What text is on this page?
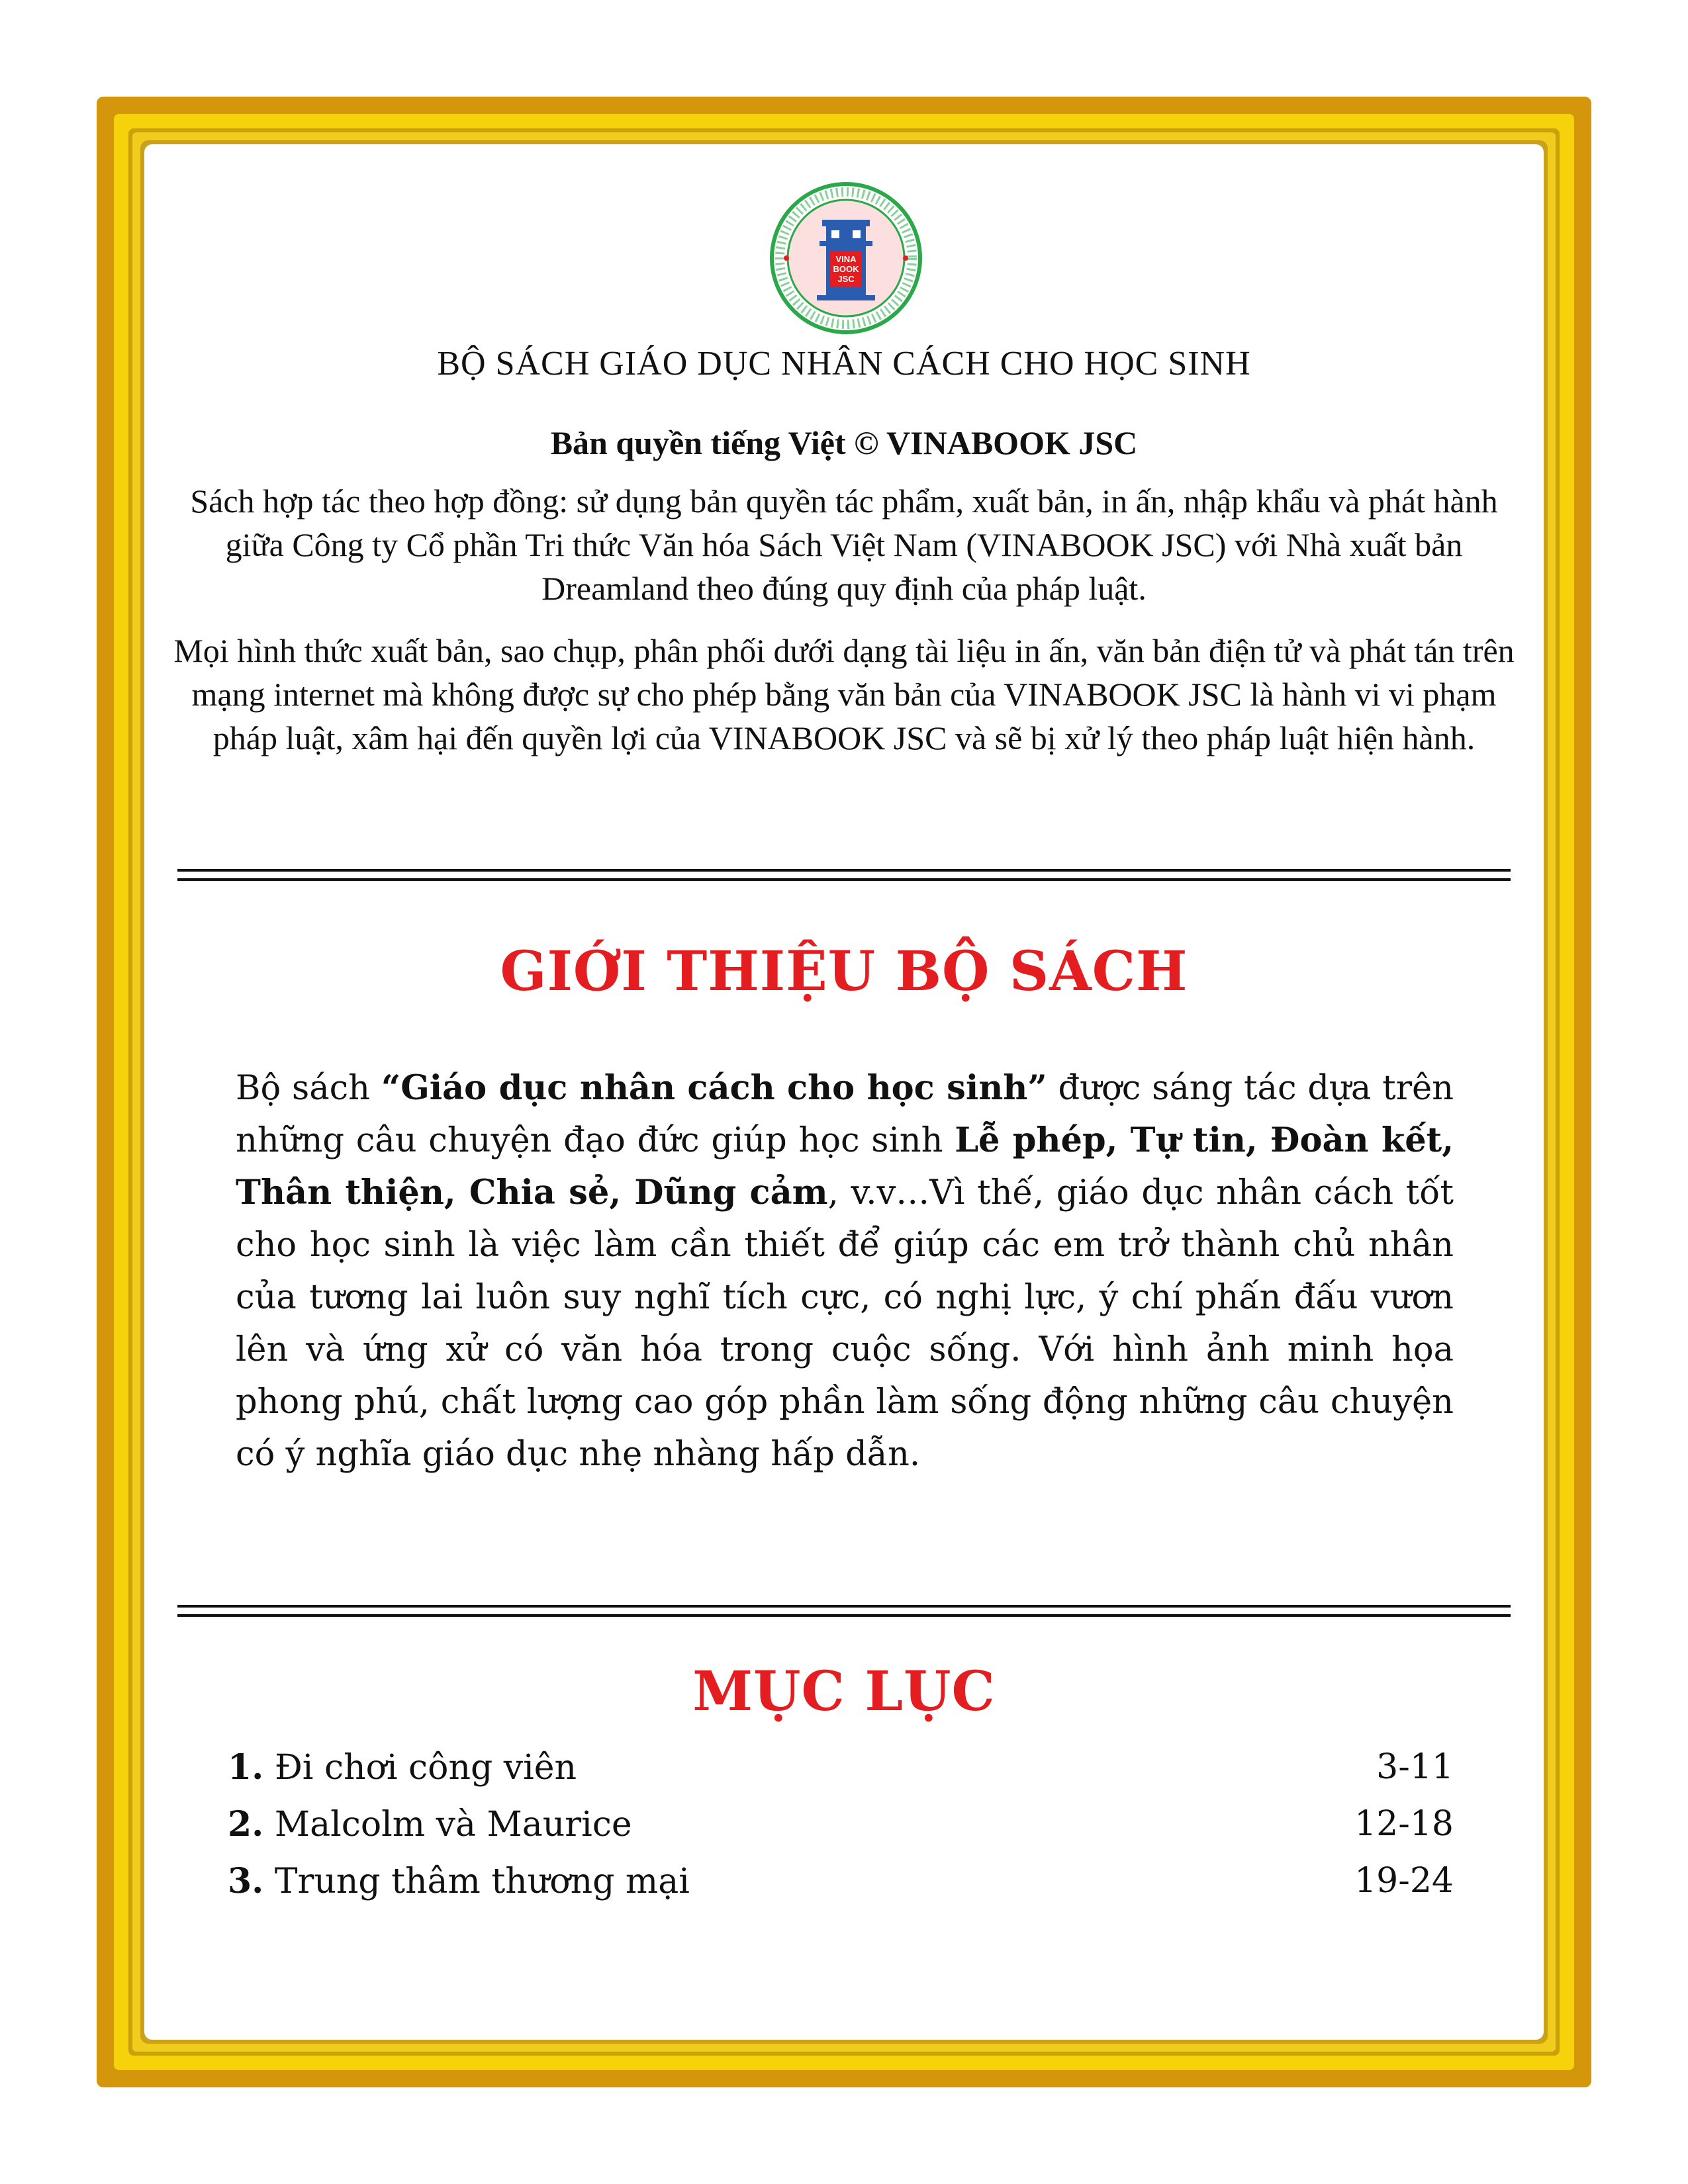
VINA
BOOK
JSC
BỘ SÁCH GIÁO DỤC NHÂN CÁCH CHO HỌC SINH
Bản quyền tiếng Việt © VINABOOK JSC
Sách hợp tác theo hợp đồng: sử dụng bản quyền tác phẩm, xuất bản, in ấn, nhập khẩu và phát hành giữa Công ty Cổ phần Tri thức Văn hóa Sách Việt Nam (VINABOOK JSC) với Nhà xuất bản Dreamland theo đúng quy định của pháp luật.
Mọi hình thức xuất bản, sao chụp, phân phối dưới dạng tài liệu in ấn, văn bản điện tử và phát tán trên mạng internet mà không được sự cho phép bằng văn bản của VINABOOK JSC là hành vi vi phạm pháp luật, xâm hại đến quyền lợi của VINABOOK JSC và sẽ bị xử lý theo pháp luật hiện hành.
GIỚI THIỆU BỘ SÁCH
Bộ sách “Giáo dục nhân cách cho học sinh” được sáng tác dựa trên những câu chuyện đạo đức giúp học sinh Lễ phép, Tự tin, Đoàn kết, Thân thiện, Chia sẻ, Dũng cảm, v.v…Vì thế, giáo dục nhân cách tốt cho học sinh là việc làm cần thiết để giúp các em trở thành chủ nhân của tương lai luôn suy nghĩ tích cực, có nghị lực, ý chí phấn đấu vươn lên và ứng xử có văn hóa trong cuộc sống. Với hình ảnh minh họa phong phú, chất lượng cao góp phần làm sống động những câu chuyện có ý nghĩa giáo dục nhẹ nhàng hấp dẫn.
MỤC LỤC
1. Đi chơi công viên	3-11
2. Malcolm và Maurice	12-18
3. Trung thâm thương mại	19-24
